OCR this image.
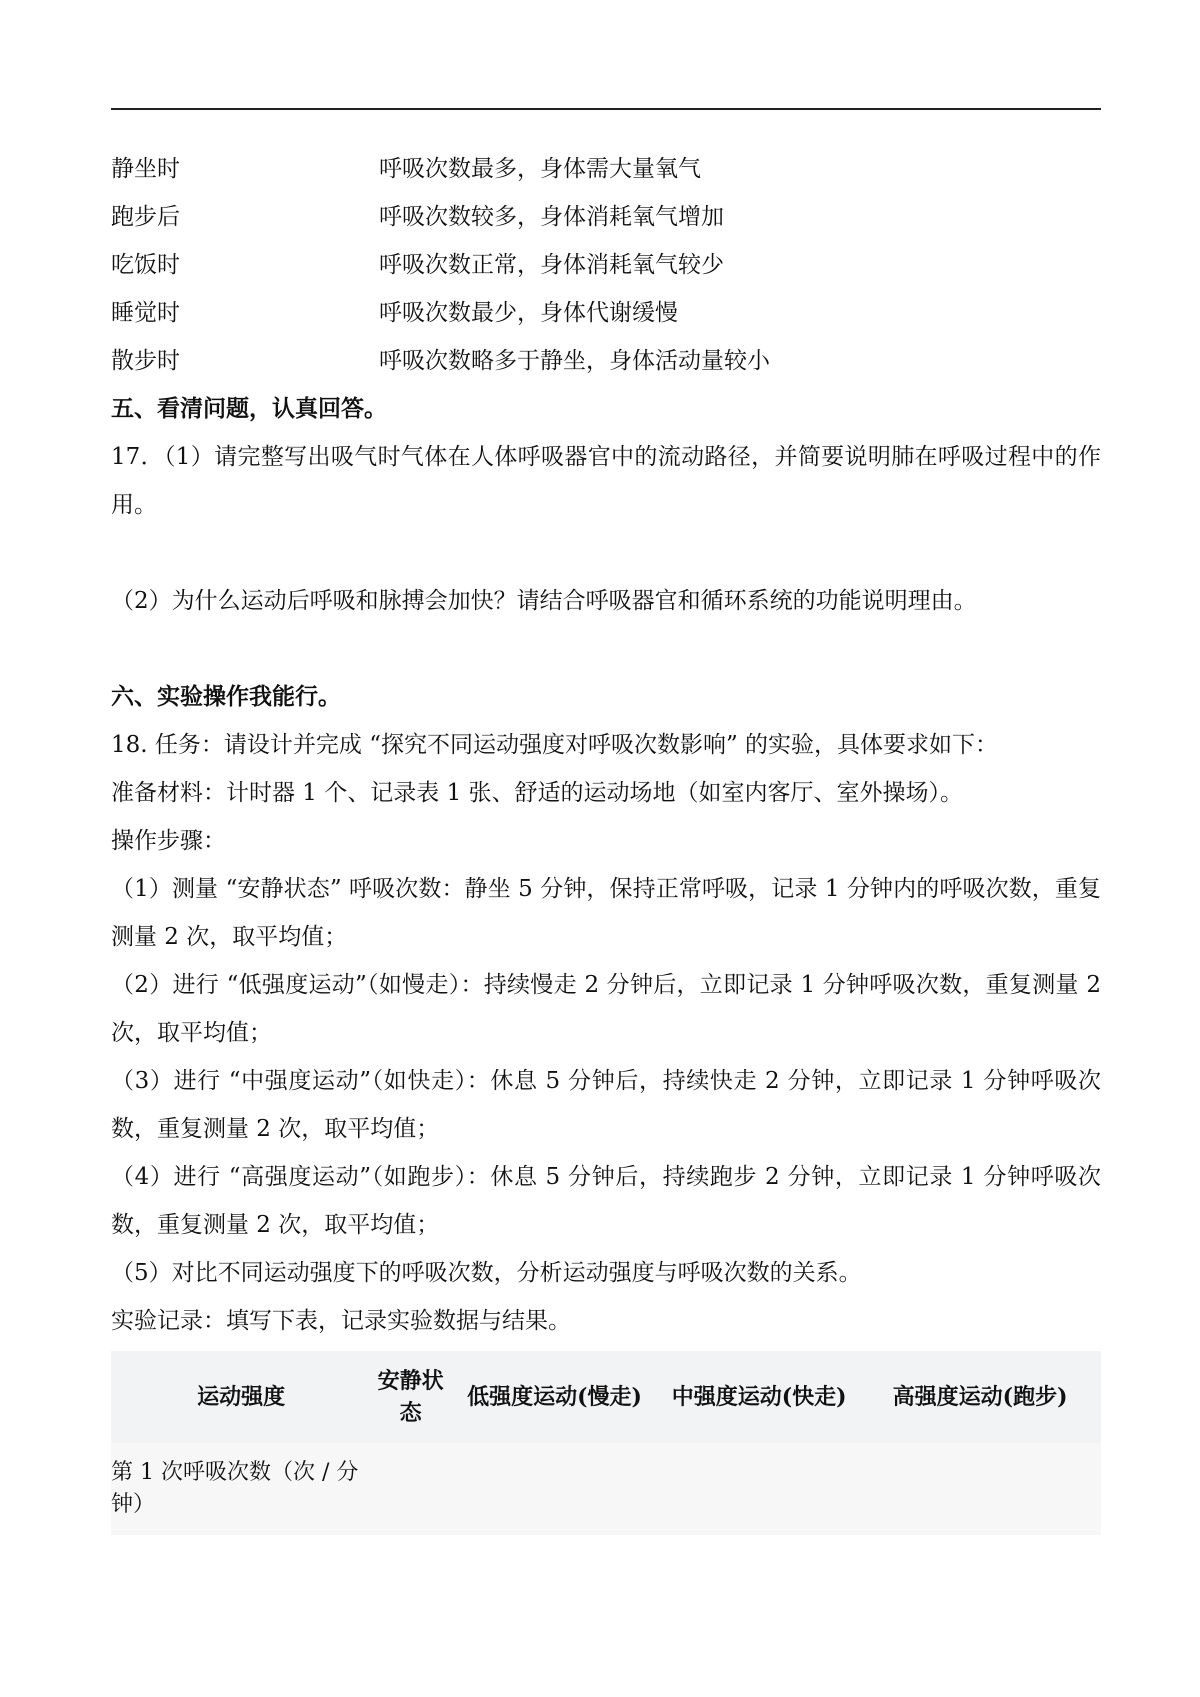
静坐时	呼吸次数最多，身体需大量氧气
跑步后	呼吸次数较多，身体消耗氧气增加
吃饭时	呼吸次数正常，身体消耗氧气较少
睡觉时	呼吸次数最少，身体代谢缓慢
散步时	呼吸次数略多于静坐，身体活动量较小
五、看清问题，认真回答。
17．（1）请完整写出吸气时气体在人体呼吸器官中的流动路径，并简要说明肺在呼吸过程中的作用。
（2）为什么运动后呼吸和脉搏会加快？请结合呼吸器官和循环系统的功能说明理由。
六、实验操作我能行。
18. 任务：请设计并完成 “探究不同运动强度对呼吸次数影响” 的实验，具体要求如下：
准备材料：计时器 1 个、记录表 1 张、舒适的运动场地（如室内客厅、室外操场）。
操作步骤：
（1）测量 “安静状态” 呼吸次数：静坐 5 分钟，保持正常呼吸，记录 1 分钟内的呼吸次数，重复测量 2 次，取平均值；
（2）进行 “低强度运动”（如慢走）：持续慢走 2 分钟后，立即记录 1 分钟呼吸次数，重复测量 2 次，取平均值；
（3）进行 “中强度运动”（如快走）：休息 5 分钟后，持续快走 2 分钟，立即记录 1 分钟呼吸次数，重复测量 2 次，取平均值；
（4）进行 “高强度运动”（如跑步）：休息 5 分钟后，持续跑步 2 分钟，立即记录 1 分钟呼吸次数，重复测量 2 次，取平均值；
（5）对比不同运动强度下的呼吸次数，分析运动强度与呼吸次数的关系。
实验记录：填写下表，记录实验数据与结果。
运动强度	安静状态	低强度运动(慢走)	中强度运动(快走)	高强度运动(跑步)
第 1 次呼吸次数（次 / 分钟）				
